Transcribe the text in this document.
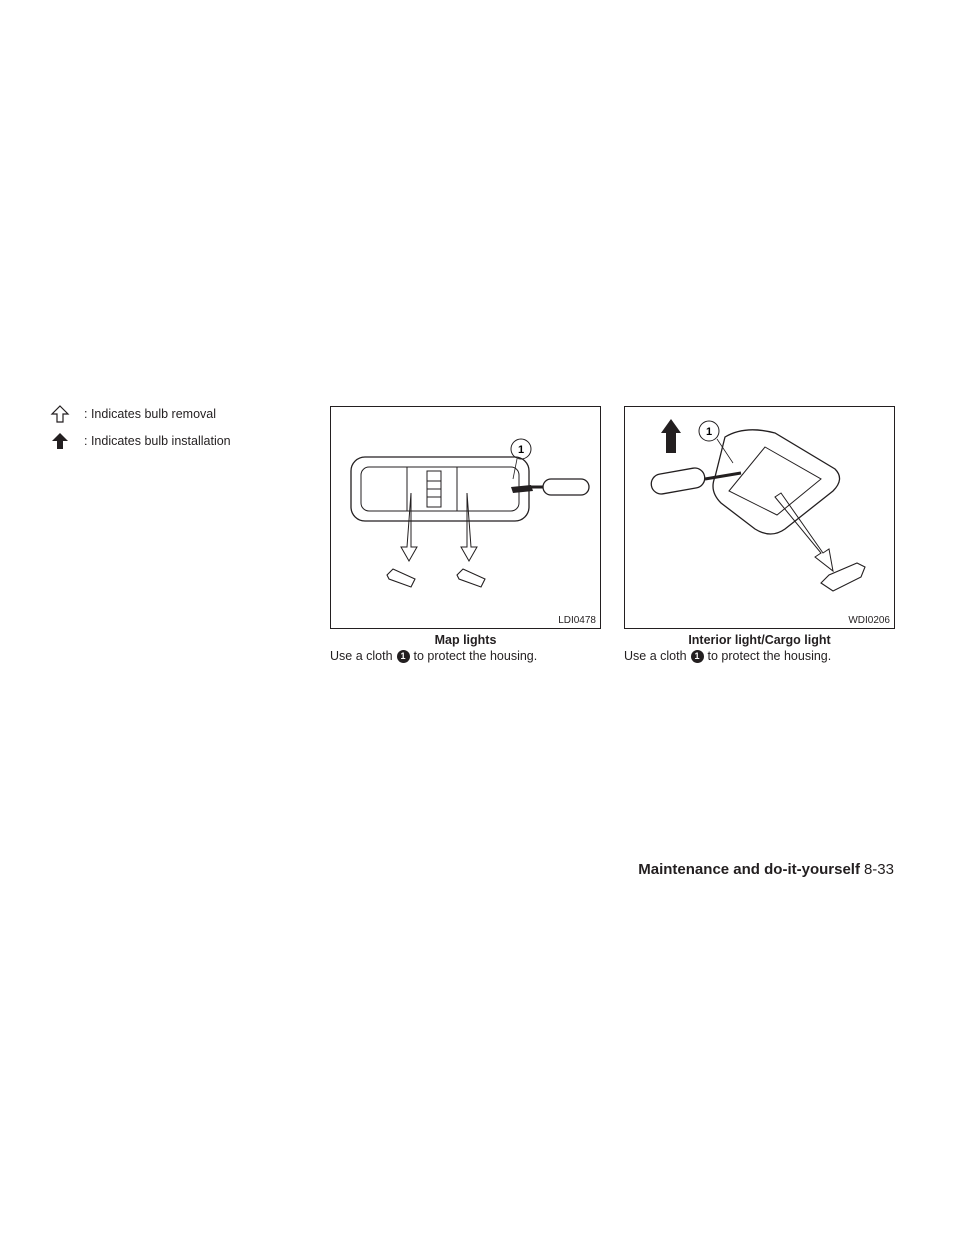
: Indicates bulb removal
: Indicates bulb installation
1
LDI0478
1
WDI0206
Map lights	Interior light/Cargo light
Use a cloth 1 to protect the housing.	Use a cloth 1 to protect the housing.
Maintenance and do-it-yourself 8-33
